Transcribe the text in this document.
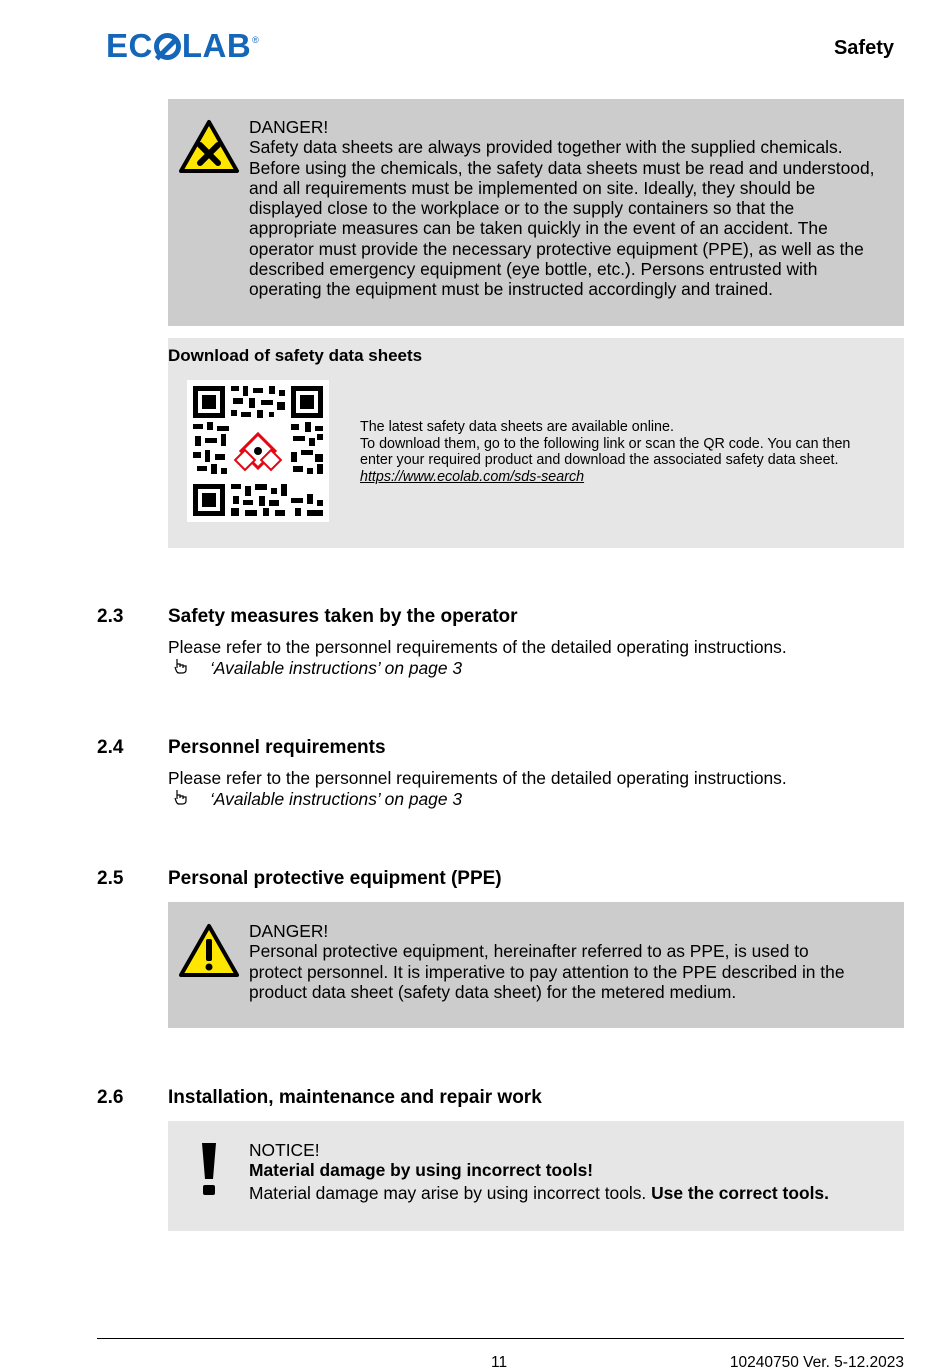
EC LAB ®	Safety
DANGER!
Safety data sheets are always provided together with the supplied chemicals. Before using the chemicals, the safety data sheets must be read and understood, and all requirements must be implemented on site. Ideally, they should be displayed close to the workplace or to the supply containers so that the appropriate measures can be taken quickly in the event of an accident. The operator must provide the necessary protective equipment (PPE), as well as the described emergency equipment (eye bottle, etc.). Persons entrusted with operating the equipment must be instructed accordingly and trained.
Download of safety data sheets
The latest safety data sheets are available online.
To download them, go to the following link or scan the QR code. You can then enter your required product and download the associated safety data sheet.
https://www.ecolab.com/sds-search
2.3 Safety measures taken by the operator
Please refer to the personnel requirements of the detailed operating instructions.
‘Available instructions’ on page 3
2.4 Personnel requirements
Please refer to the personnel requirements of the detailed operating instructions.
‘Available instructions’ on page 3
2.5 Personal protective equipment (PPE)
DANGER!
Personal protective equipment, hereinafter referred to as PPE, is used to protect personnel. It is imperative to pay attention to the PPE described in the product data sheet (safety data sheet) for the metered medium.
2.6 Installation, maintenance and repair work
NOTICE!
Material damage by using incorrect tools!
Material damage may arise by using incorrect tools. Use the correct tools.
11	10240750 Ver. 5-12.2023
